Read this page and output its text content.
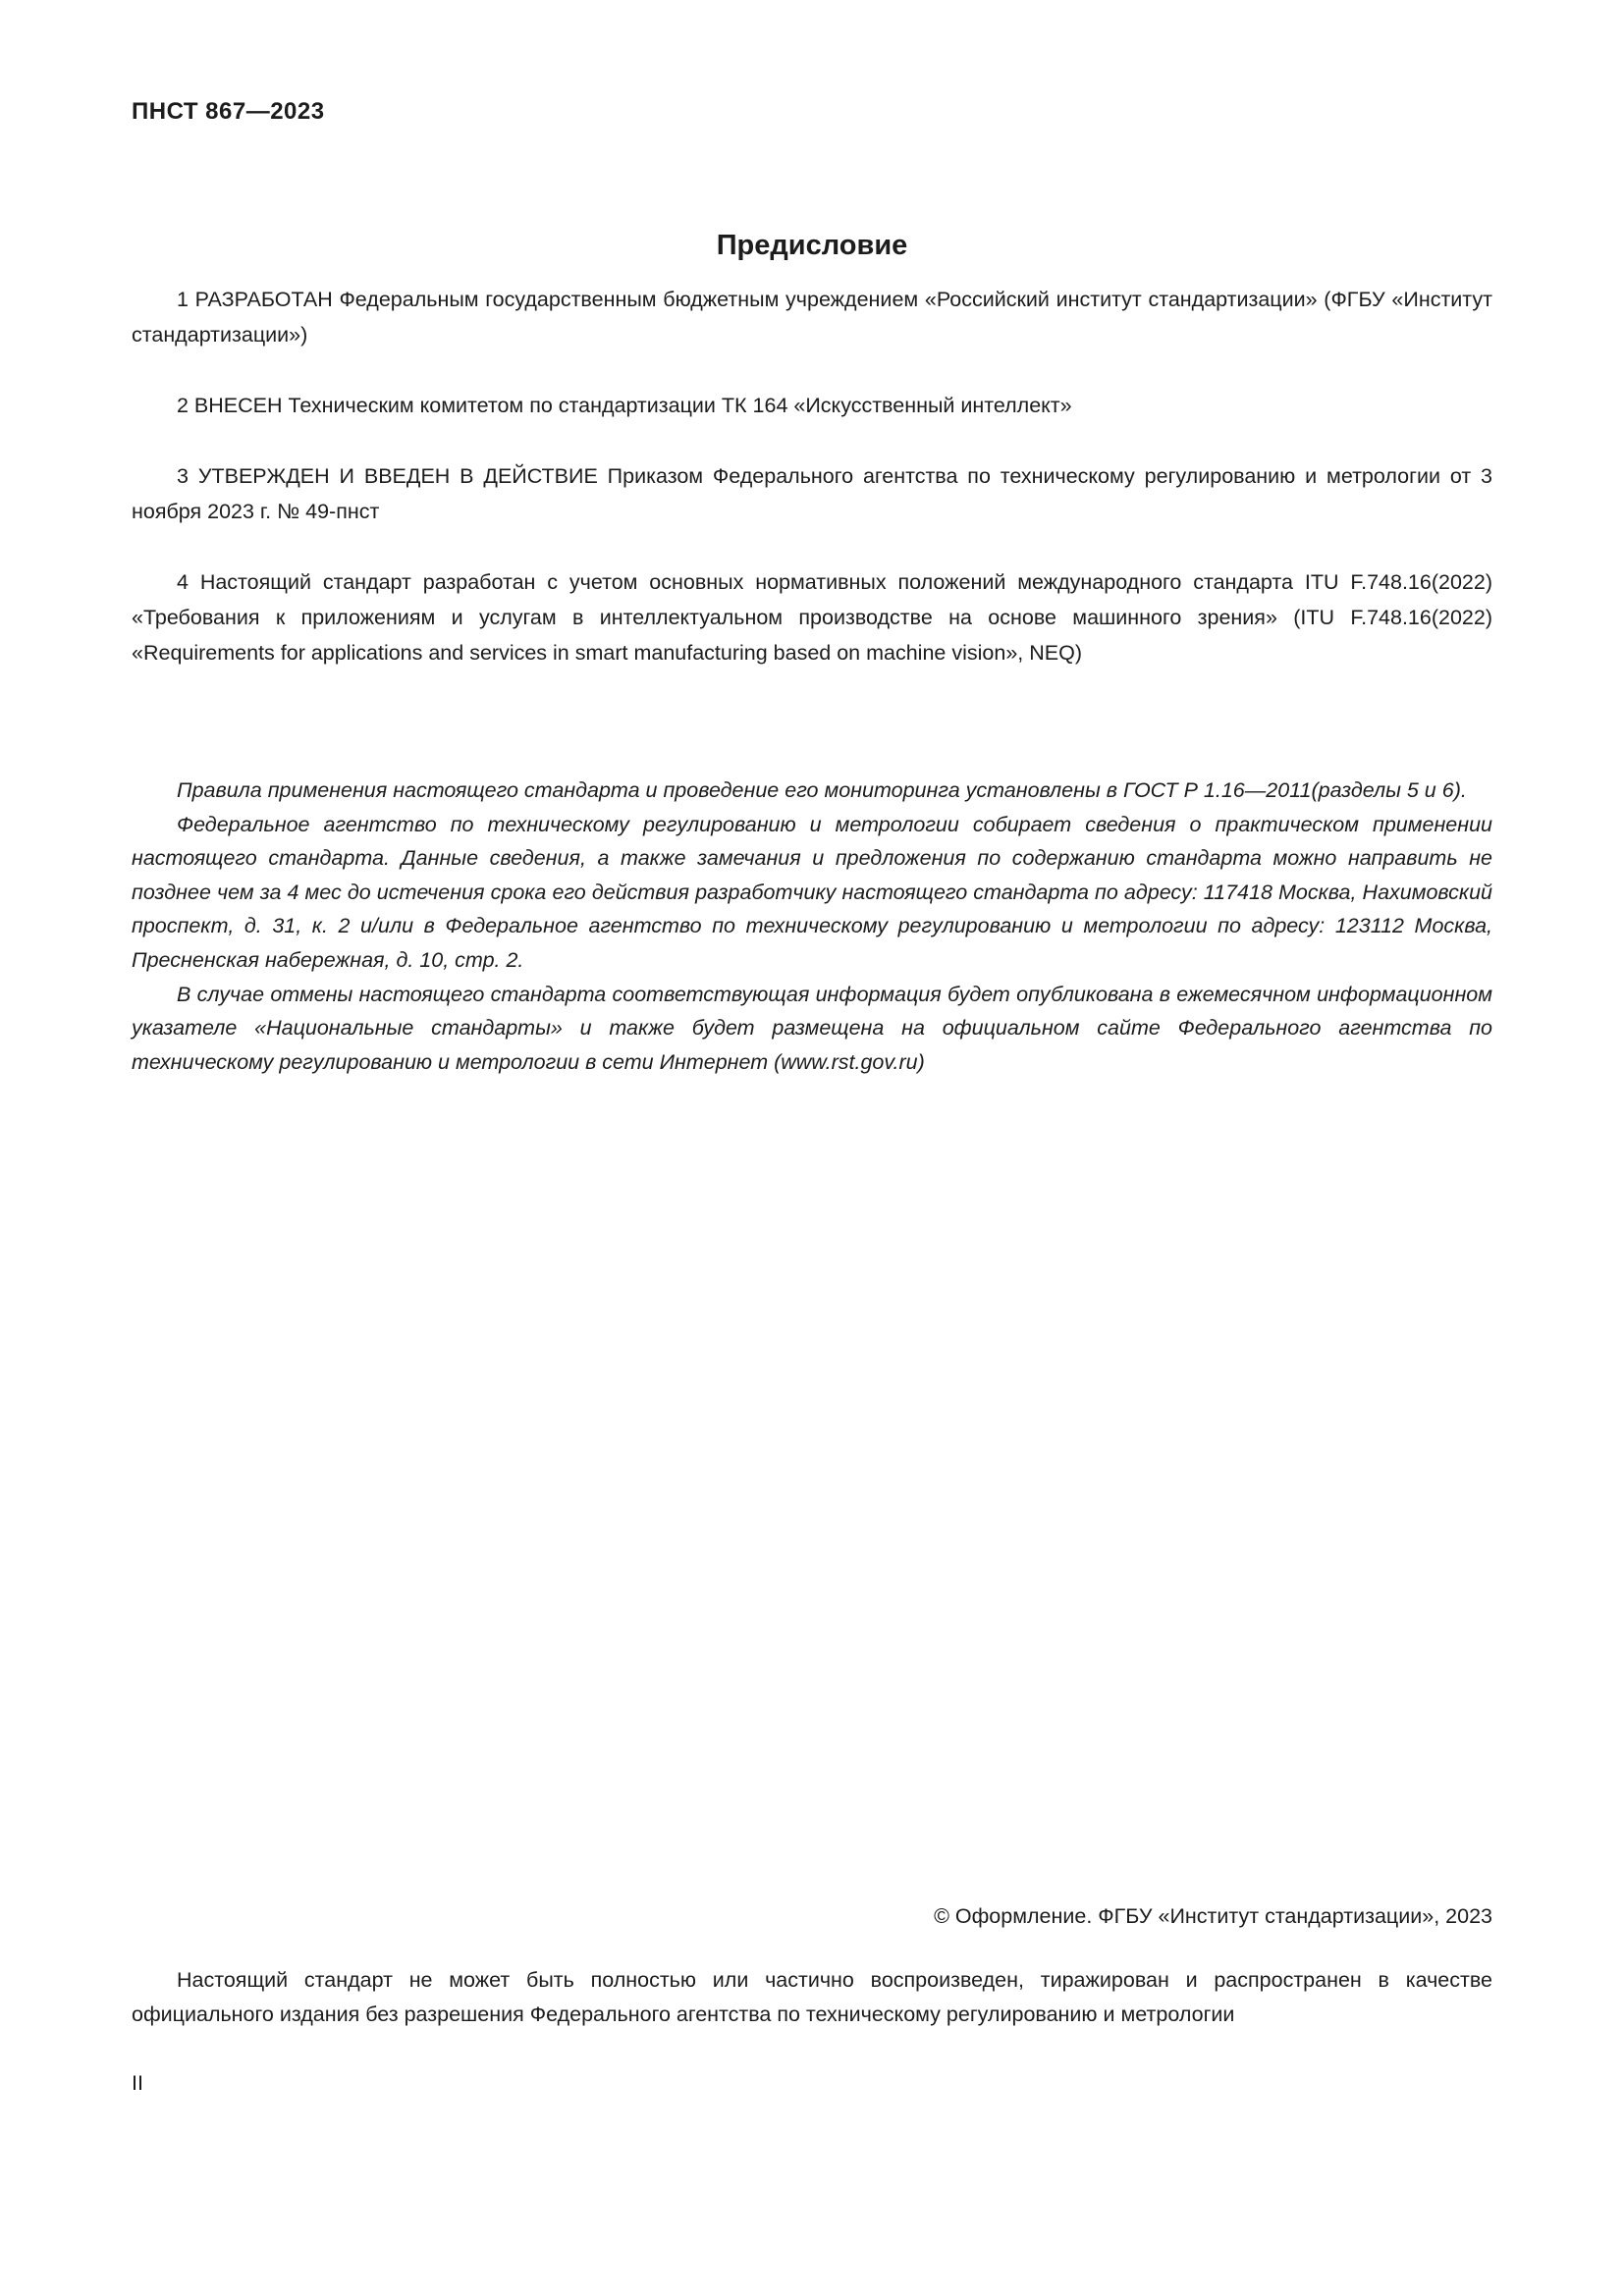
ПНСТ 867—2023
Предисловие

1 РАЗРАБОТАН Федеральным государственным бюджетным учреждением «Российский институт стандартизации» (ФГБУ «Институт стандартизации»)

2 ВНЕСЕН Техническим комитетом по стандартизации ТК 164 «Искусственный интеллект»

3 УТВЕРЖДЕН И ВВЕДЕН В ДЕЙСТВИЕ Приказом Федерального агентства по техническому регулированию и метрологии от 3 ноября 2023 г. № 49-пнст

4 Настоящий стандарт разработан с учетом основных нормативных положений международного стандарта ITU F.748.16(2022) «Требования к приложениям и услугам в интеллектуальном производстве на основе машинного зрения» (ITU F.748.16(2022) «Requirements for applications and services in smart manufacturing based on machine vision», NEQ)

Правила применения настоящего стандарта и проведение его мониторинга установлены в ГОСТ Р 1.16—2011(разделы 5 и 6).

Федеральное агентство по техническому регулированию и метрологии собирает сведения о практическом применении настоящего стандарта. Данные сведения, а также замечания и предложения по содержанию стандарта можно направить не позднее чем за 4 мес до истечения срока его действия разработчику настоящего стандарта по адресу: 117418 Москва, Нахимовский проспект, д. 31, к. 2 и/или в Федеральное агентство по техническому регулированию и метрологии по адресу: 123112 Москва, Пресненская набережная, д. 10, стр. 2.

В случае отмены настоящего стандарта соответствующая информация будет опубликована в ежемесячном информационном указателе «Национальные стандарты» и также будет размещена на официальном сайте Федерального агентства по техническому регулированию и метрологии в сети Интернет (www.rst.gov.ru)

© Оформление. ФГБУ «Институт стандартизации», 2023

Настоящий стандарт не может быть полностью или частично воспроизведен, тиражирован и распространен в качестве официального издания без разрешения Федерального агентства по техническому регулированию и метрологии

II
